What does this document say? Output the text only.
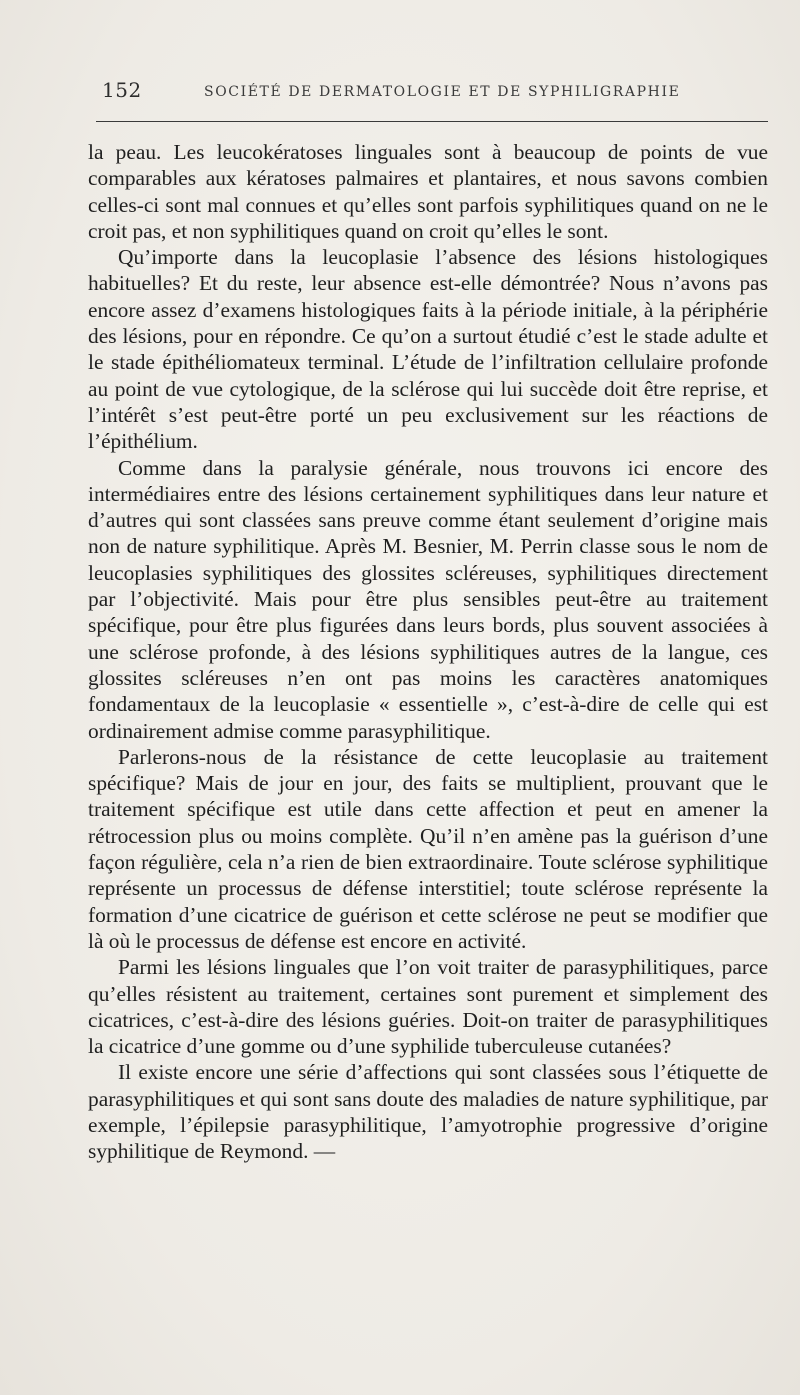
152	SOCIÉTÉ DE DERMATOLOGIE ET DE SYPHILIGRAPHIE

la peau. Les leucokératoses linguales sont à beaucoup de points de vue comparables aux kératoses palmaires et plantaires, et nous savons combien celles-ci sont mal connues et qu’elles sont parfois syphilitiques quand on ne le croit pas, et non syphilitiques quand on croit qu’elles le sont.

Qu’importe dans la leucoplasie l’absence des lésions histologiques habituelles? Et du reste, leur absence est-elle démontrée? Nous n’avons pas encore assez d’examens histologiques faits à la période initiale, à la périphérie des lésions, pour en répondre. Ce qu’on a surtout étudié c’est le stade adulte et le stade épithéliomateux terminal. L’étude de l’infiltration cellulaire profonde au point de vue cytologique, de la sclérose qui lui succède doit être reprise, et l’intérêt s’est peut-être porté un peu exclusivement sur les réactions de l’épithélium.

Comme dans la paralysie générale, nous trouvons ici encore des intermédiaires entre des lésions certainement syphilitiques dans leur nature et d’autres qui sont classées sans preuve comme étant seulement d’origine mais non de nature syphilitique. Après M. Besnier, M. Perrin classe sous le nom de leucoplasies syphilitiques des glossites scléreuses, syphilitiques directement par l’objectivité. Mais pour être plus sensibles peut-être au traitement spécifique, pour être plus figurées dans leurs bords, plus souvent associées à une sclérose profonde, à des lésions syphilitiques autres de la langue, ces glossites scléreuses n’en ont pas moins les caractères anatomiques fondamentaux de la leucoplasie « essentielle », c’est-à-dire de celle qui est ordinairement admise comme parasyphilitique.

Parlerons-nous de la résistance de cette leucoplasie au traitement spécifique? Mais de jour en jour, des faits se multiplient, prouvant que le traitement spécifique est utile dans cette affection et peut en amener la rétrocession plus ou moins complète. Qu’il n’en amène pas la guérison d’une façon régulière, cela n’a rien de bien extraordinaire. Toute sclérose syphilitique représente un processus de défense interstitiel; toute sclérose représente la formation d’une cicatrice de guérison et cette sclérose ne peut se modifier que là où le processus de défense est encore en activité.

Parmi les lésions linguales que l’on voit traiter de parasyphilitiques, parce qu’elles résistent au traitement, certaines sont purement et simplement des cicatrices, c’est-à-dire des lésions guéries. Doit-on traiter de parasyphilitiques la cicatrice d’une gomme ou d’une syphilide tuberculeuse cutanées?

Il existe encore une série d’affections qui sont classées sous l’étiquette de parasyphilitiques et qui sont sans doute des maladies de nature syphilitique, par exemple, l’épilepsie parasyphilitique, l’amyotrophie progressive d’origine syphilitique de Reymond. —
